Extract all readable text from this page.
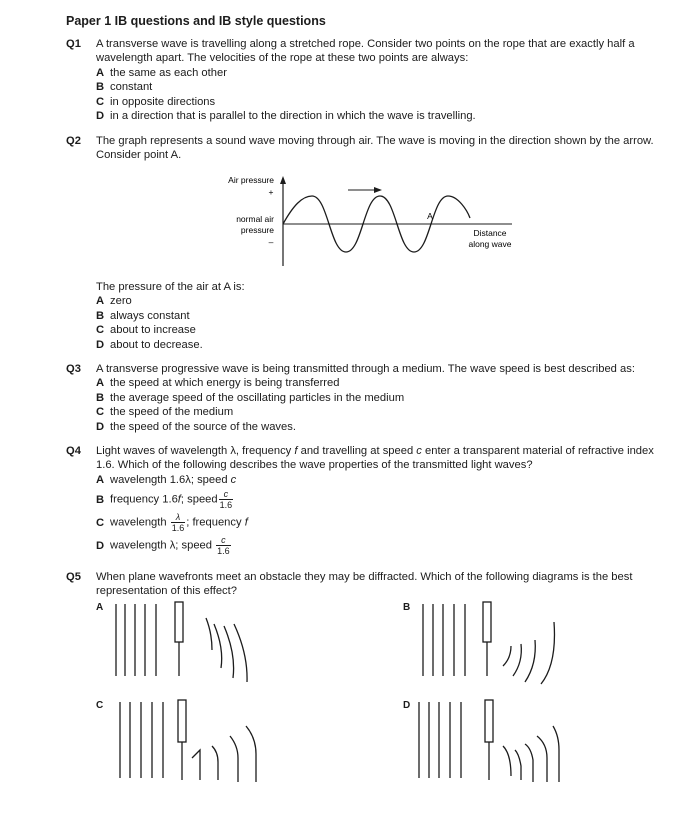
Paper 1 IB questions and IB style questions
Q1	A transverse wave is travelling along a stretched rope. Consider two points on the rope that are exactly half a wavelength apart. The velocities of the rope at these two points are always:
A the same as each other
B constant
C in opposite directions
D in a direction that is parallel to the direction in which the wave is travelling.
Q2	The graph represents a sound wave moving through air. The wave is moving in the direction shown by the arrow. Consider point A.
Air pressure
+
normal air
pressure
–
A
Distance
along wave
The pressure of the air at A is:
A zero
B always constant
C about to increase
D about to decrease.
Q3	A transverse progressive wave is being transmitted through a medium. The wave speed is best described as:
A the speed at which energy is being transferred
B the average speed of the oscillating particles in the medium
C the speed of the medium
D the speed of the source of the waves.
Q4	Light waves of wavelength λ, frequency f and travelling at speed c enter a transparent material of refractive index 1.6. Which of the following describes the wave properties of the transmitted light waves?
A wavelength 1.6λ; speed c
B frequency 1.6f; speed $\frac{c}{1.6}$
C wavelength $\frac{\lambda}{1.6}$ ; frequency f
D wavelength λ; speed $\frac{c}{1.6}$
Q5	When plane wavefronts meet an obstacle they may be diffracted. Which of the following diagrams is the best representation of this effect?
A	B
C	D
